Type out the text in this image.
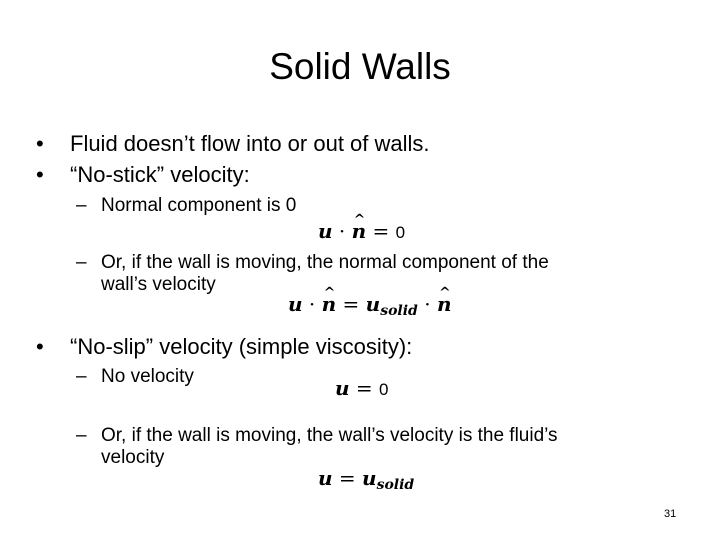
Solid Walls
• Fluid doesn’t flow into or out of walls.
• “No-stick” velocity:
– Normal component is 0
u · ^ n = 0
– Or, if the wall is moving, the normal component of the
wall’s velocity
u · ^ $n = u_{solid}$ · ^ n
• “No-slip” velocity (simple viscosity):
– No velocity	u = 0
– Or, if the wall is moving, the wall’s velocity is the fluid’s
velocity
$u = u_{solid}$
31
